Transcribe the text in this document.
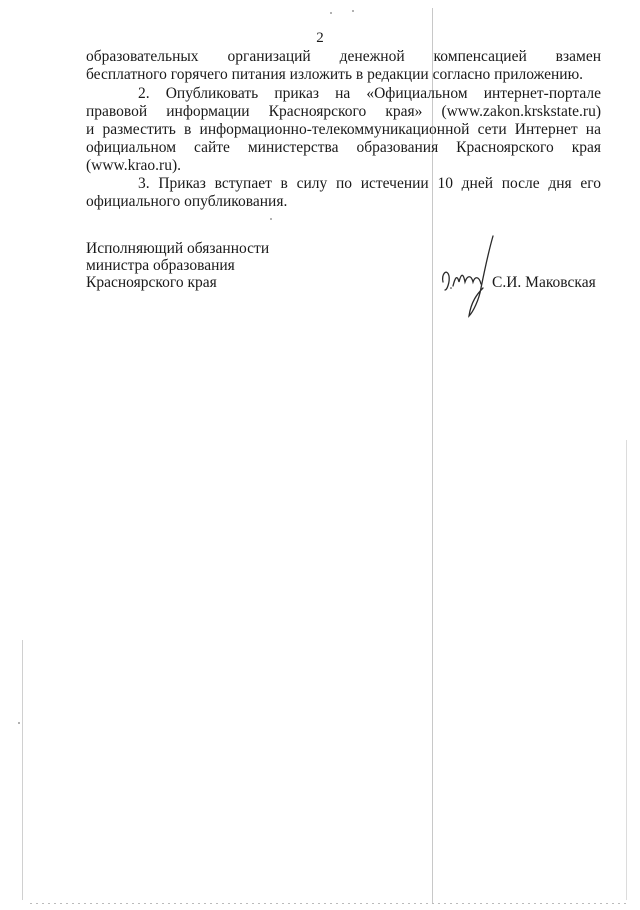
2
образовательных организаций денежной компенсацией взамен
бесплатного горячего питания изложить в редакции согласно приложению.
2. Опубликовать приказ на «Официальном интернет-портале
правовой информации Красноярского края» (www.zakon.krskstate.ru)
и разместить в информационно-телекоммуникационной сети Интернет на
официальном сайте министерства образования Красноярского края
(www.krao.ru).
3. Приказ вступает в силу по истечении 10 дней после дня его
официального опубликования.
Исполняющий обязанности
министра образования
Красноярского края	С.И. Маковская
